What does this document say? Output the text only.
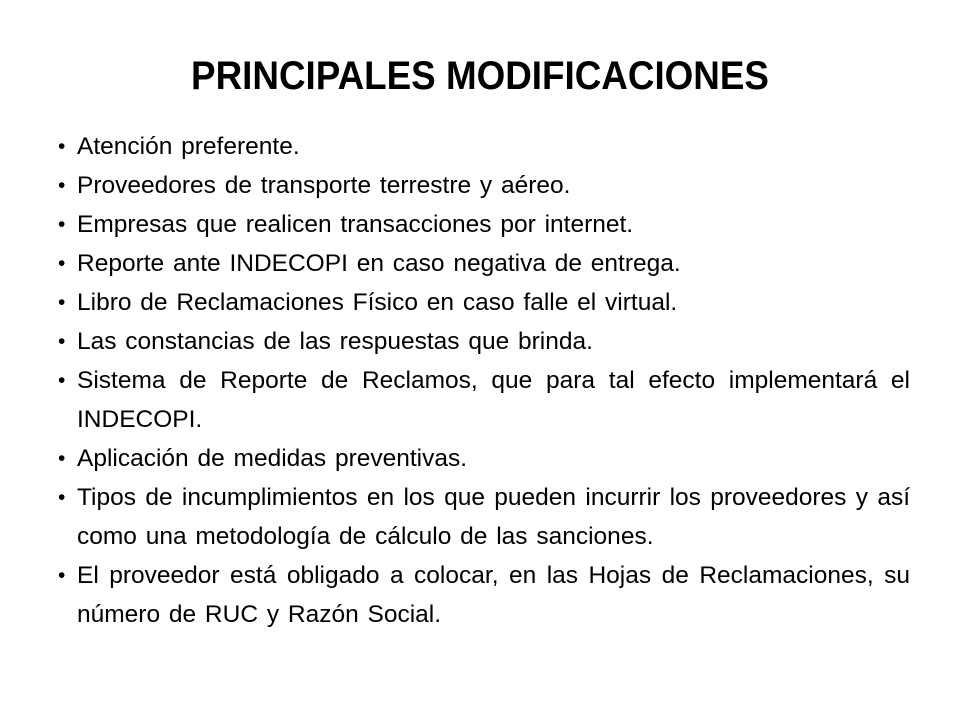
PRINCIPALES MODIFICACIONES
• Atención preferente.
• Proveedores de transporte terrestre y aéreo.
• Empresas que realicen transacciones por internet.
• Reporte ante INDECOPI en caso negativa de entrega.
• Libro de Reclamaciones Físico en caso falle el virtual.
• Las constancias de las respuestas que brinda.
• Sistema de Reporte de Reclamos, que para tal efecto implementará el INDECOPI.
• Aplicación de medidas preventivas.
• Tipos de incumplimientos en los que pueden incurrir los proveedores y así como una metodología de cálculo de las sanciones.
• El proveedor está obligado a colocar, en las Hojas de Reclamaciones, su número de RUC y Razón Social.
